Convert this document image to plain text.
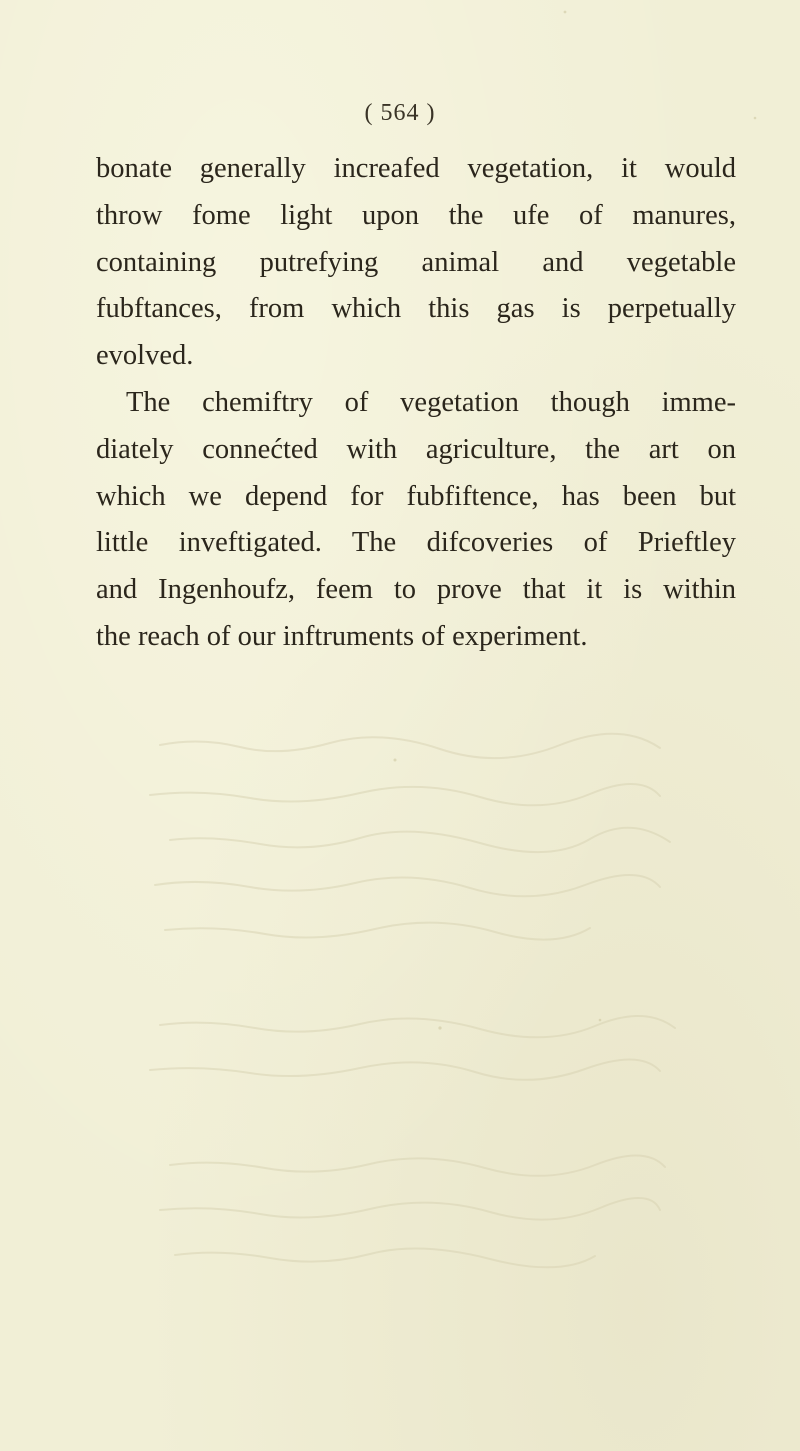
( 564 )
bonate generally increafed vegetation, it would
throw fome light upon the ufe of manures,
containing putrefying animal and vegetable
fubftances, from which this gas is perpetually
evolved.
The chemiftry of vegetation though imme-
diately connećted with agriculture, the art on
which we depend for fubfiftence, has been but
little inveftigated. The difcoveries of Prieftley
and Ingenhoufz, feem to prove that it is within
the reach of our inftruments of experiment.
